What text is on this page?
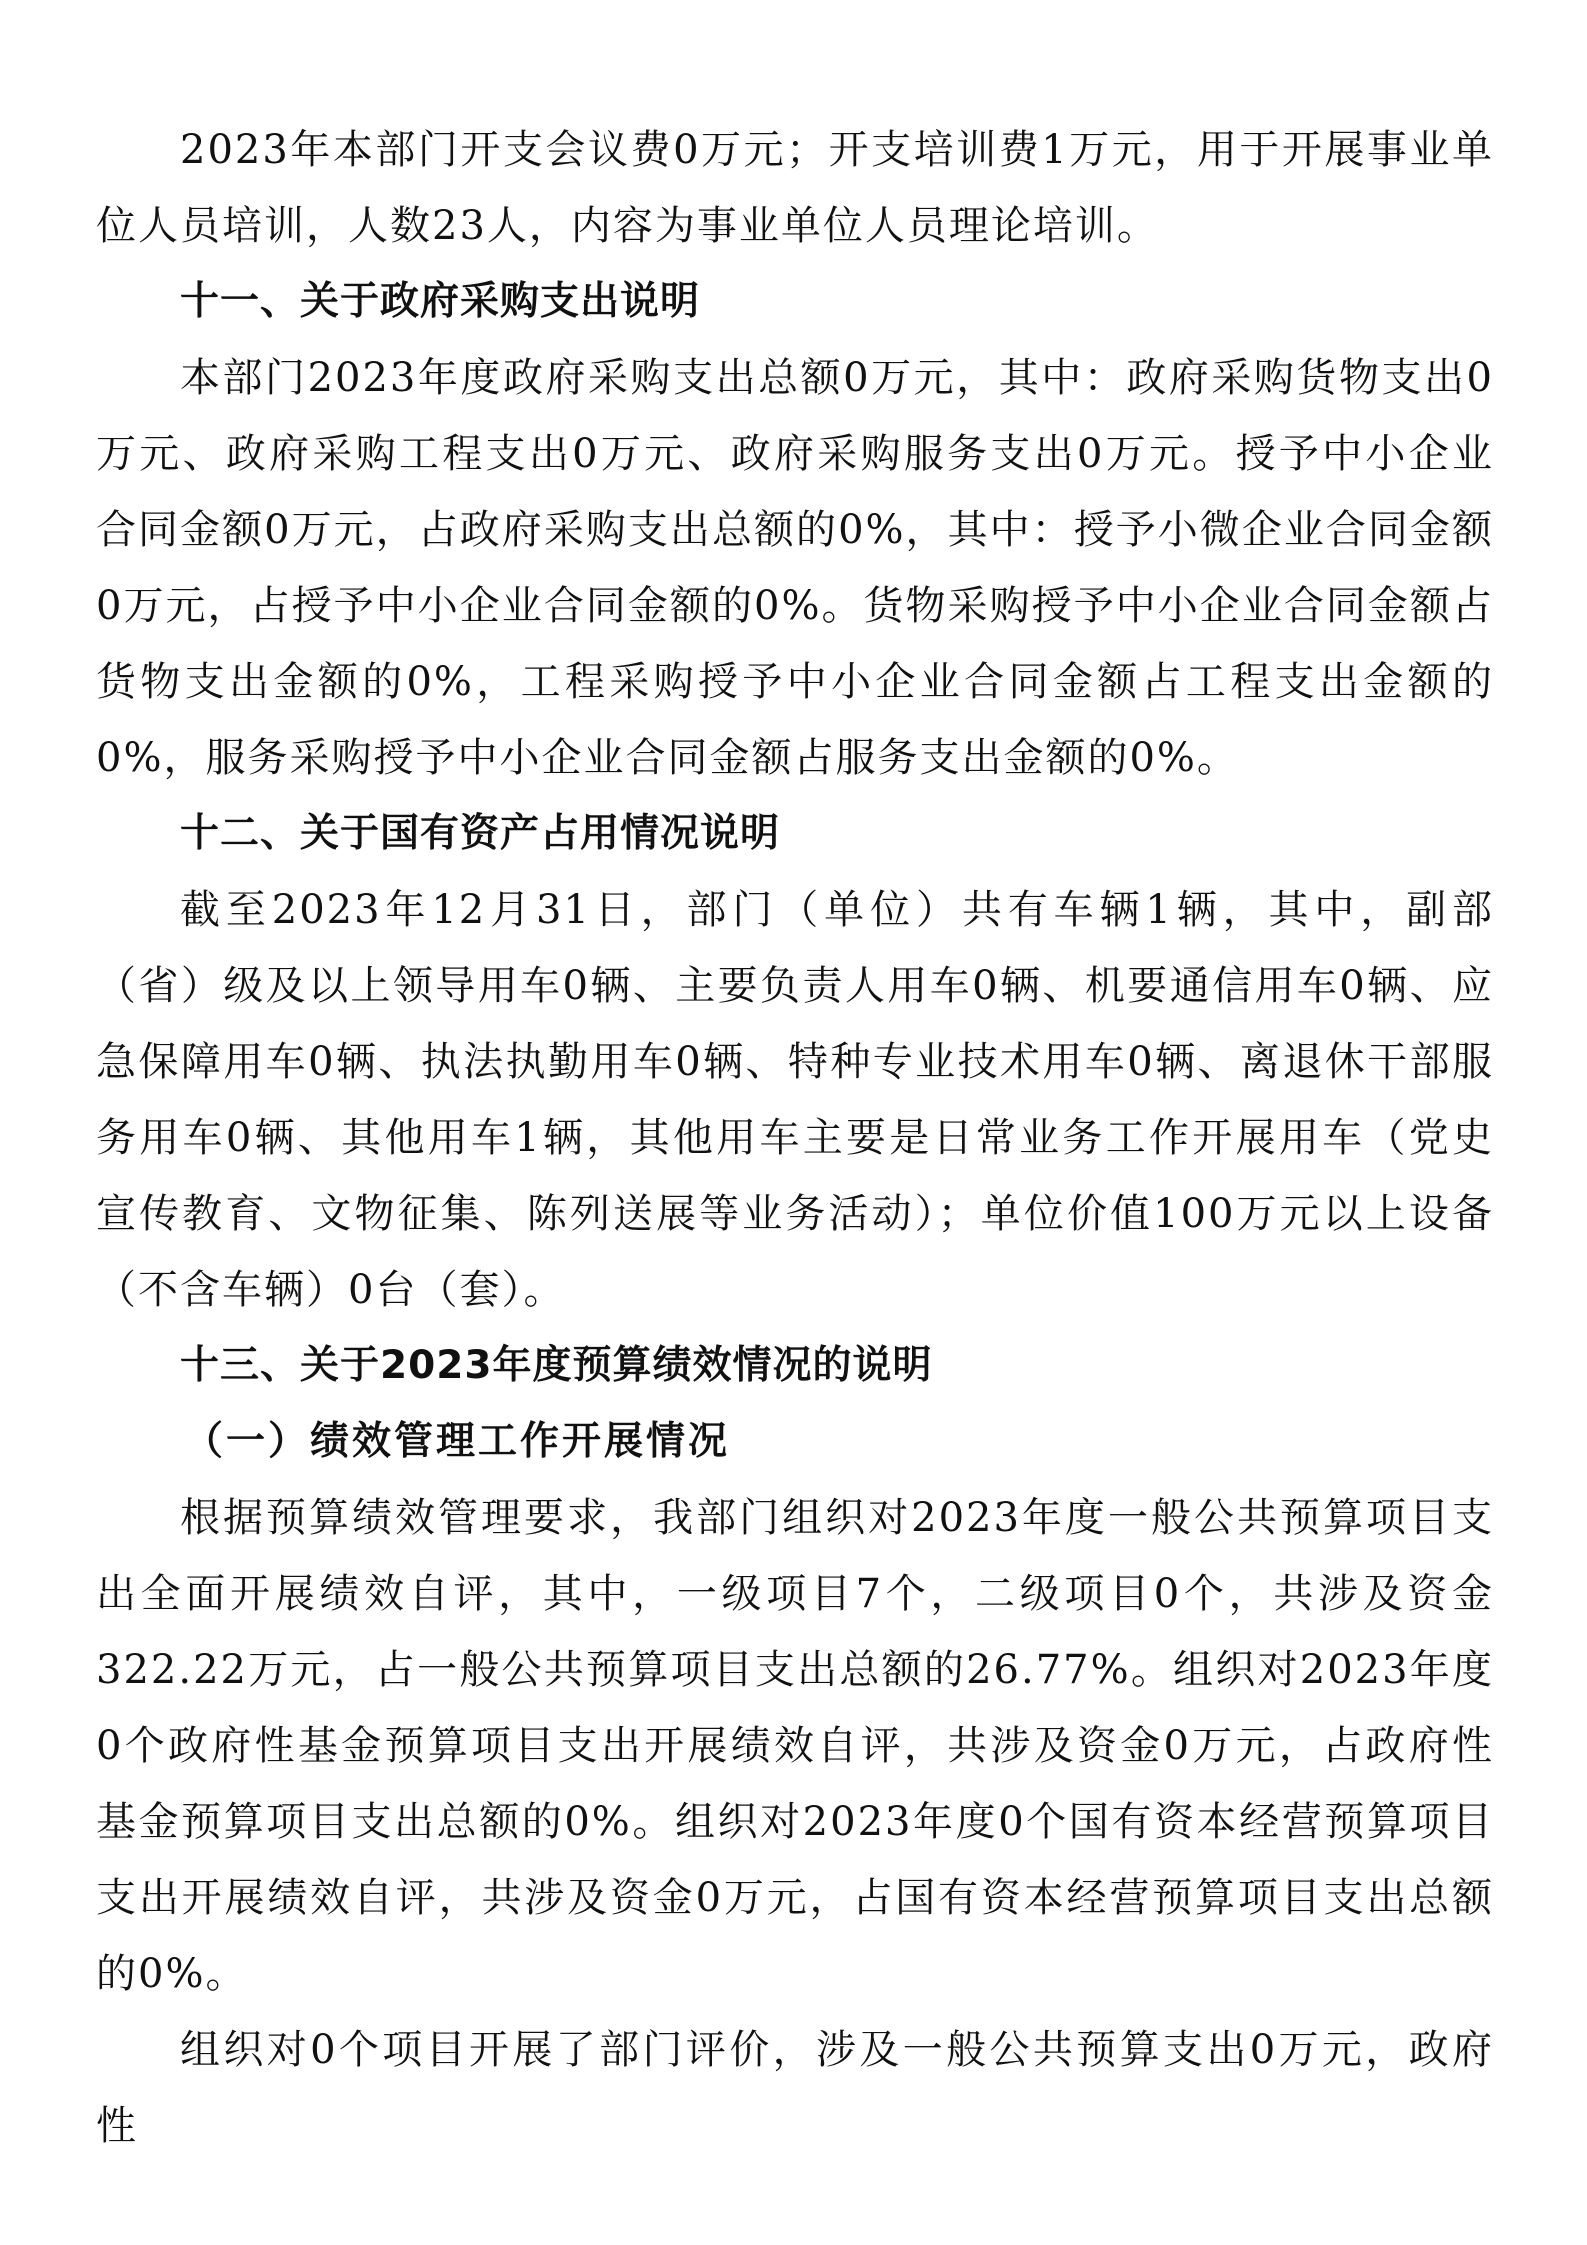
2023年本部门开支会议费0万元；开支培训费1万元，用于开展事业单位人员培训，人数23人，内容为事业单位人员理论培训。

十一、关于政府采购支出说明

本部门2023年度政府采购支出总额0万元，其中：政府采购货物支出0 万元、政府采购工程支出0万元、政府采购服务支出0万元。授予中小企业合同金额0万元，占政府采购支出总额的0%，其中：授予小微企业合同金额0万元，占授予中小企业合同金额的0%。货物采购授予中小企业合同金额占货物支出金额的0%，工程采购授予中小企业合同金额占工程支出金额的0%，服务采购授予中小企业合同金额占服务支出金额的0%。

十二、关于国有资产占用情况说明

截至2023年12月31日，部门（单位）共有车辆1辆，其中，副部（省）级及以上领导用车0辆、主要负责人用车0辆、机要通信用车0辆、应急保障用车0辆、执法执勤用车0辆、特种专业技术用车0辆、离退休干部服务用车0辆、其他用车1辆，其他用车主要是日常业务工作开展用车（党史宣传教育、文物征集、陈列送展等业务活动）；单位价值100万元以上设备（不含车辆）0台（套）。

十三、关于2023年度预算绩效情况的说明

（一）绩效管理工作开展情况

根据预算绩效管理要求，我部门组织对2023年度一般公共预算项目支出全面开展绩效自评，其中，一级项目7个，二级项目0个，共涉及资金322.22万元，占一般公共预算项目支出总额的26.77%。组织对2023年度0个政府性基金预算项目支出开展绩效自评，共涉及资金0万元，占政府性基金预算项目支出总额的0%。组织对2023年度0个国有资本经营预算项目支出开展绩效自评，共涉及资金0万元，占国有资本经营预算项目支出总额的0%。

组织对0个项目开展了部门评价，涉及一般公共预算支出0万元，政府性
